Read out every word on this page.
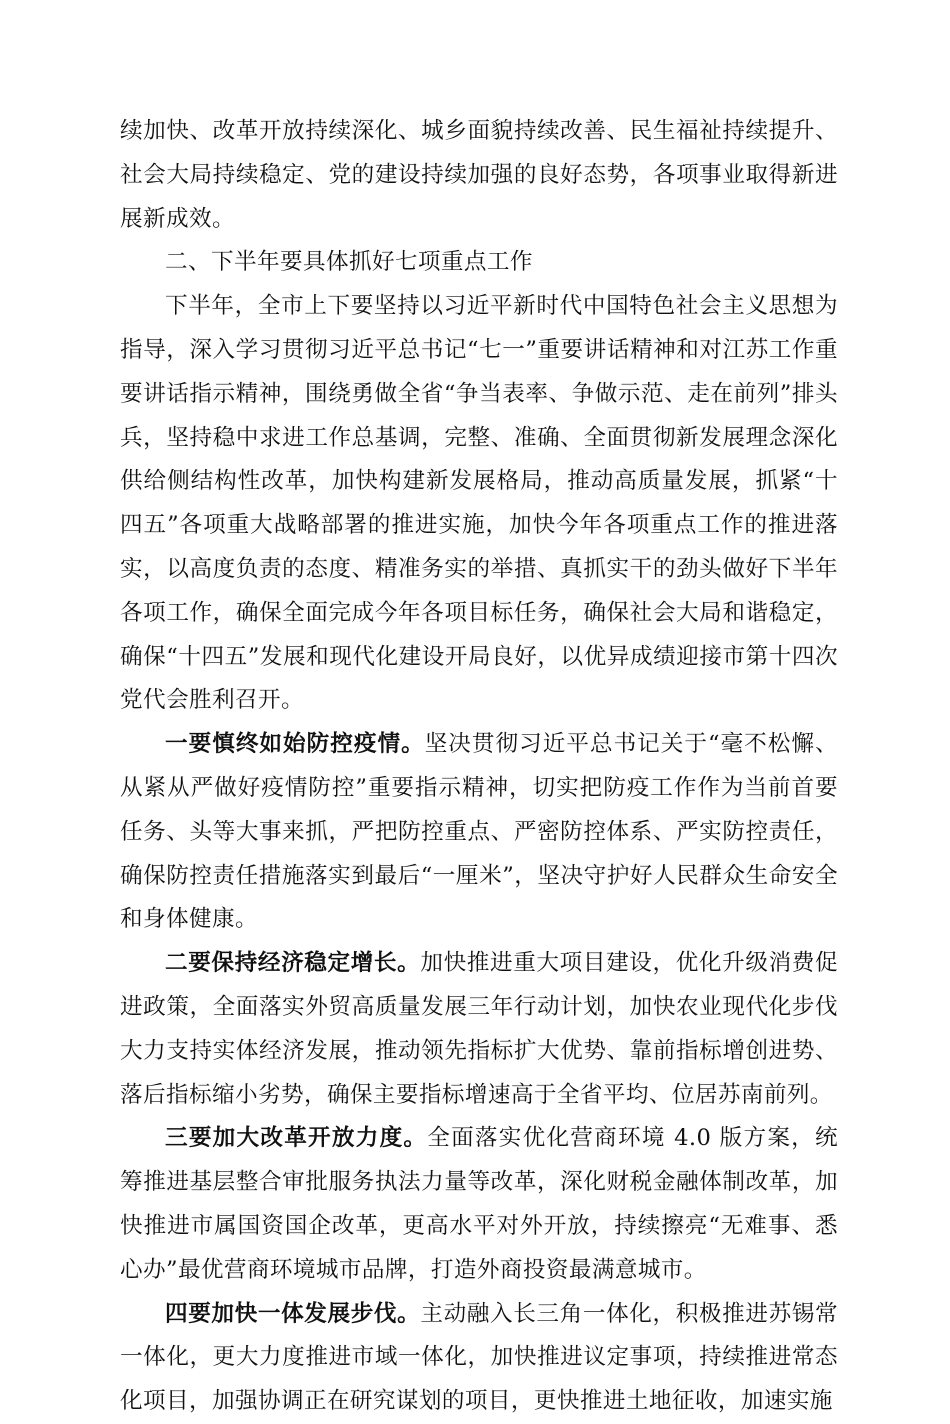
续加快、改革开放持续深化、城乡面貌持续改善、民生福祉持续提升、社会大局持续稳定、党的建设持续加强的良好态势，各项事业取得新进展新成效。

二、下半年要具体抓好七项重点工作

下半年，全市上下要坚持以习近平新时代中国特色社会主义思想为指导，深入学习贯彻习近平总书记“七一”重要讲话精神和对江苏工作重要讲话指示精神，围绕勇做全省“争当表率、争做示范、走在前列”排头兵，坚持稳中求进工作总基调，完整、准确、全面贯彻新发展理念深化供给侧结构性改革，加快构建新发展格局，推动高质量发展，抓紧“十四五”各项重大战略部署的推进实施，加快今年各项重点工作的推进落实，以高度负责的态度、精准务实的举措、真抓实干的劲头做好下半年各项工作，确保全面完成今年各项目标任务，确保社会大局和谐稳定，确保“十四五”发展和现代化建设开局良好，以优异成绩迎接市第十四次党代会胜利召开。

一要慎终如始防控疫情。坚决贯彻习近平总书记关于“毫不松懈、从紧从严做好疫情防控”重要指示精神，切实把防疫工作作为当前首要任务、头等大事来抓，严把防控重点、严密防控体系、严实防控责任，确保防控责任措施落实到最后“一厘米”，坚决守护好人民群众生命安全和身体健康。

二要保持经济稳定增长。加快推进重大项目建设，优化升级消费促进政策，全面落实外贸高质量发展三年行动计划，加快农业现代化步伐大力支持实体经济发展，推动领先指标扩大优势、靠前指标增创进势、落后指标缩小劣势，确保主要指标增速高于全省平均、位居苏南前列。

三要加大改革开放力度。全面落实优化营商环境 4.0 版方案，统筹推进基层整合审批服务执法力量等改革，深化财税金融体制改革，加快推进市属国资国企改革，更高水平对外开放，持续擦亮“无难事、悉心办”最优营商环境城市品牌，打造外商投资最满意城市。

四要加快一体发展步伐。主动融入长三角一体化，积极推进苏锡常一体化，更大力度推进市域一体化，加快推进议定事项，持续推进常态化项目，加强协调正在研究谋划的项目，更快推进土地征收，加速实施
